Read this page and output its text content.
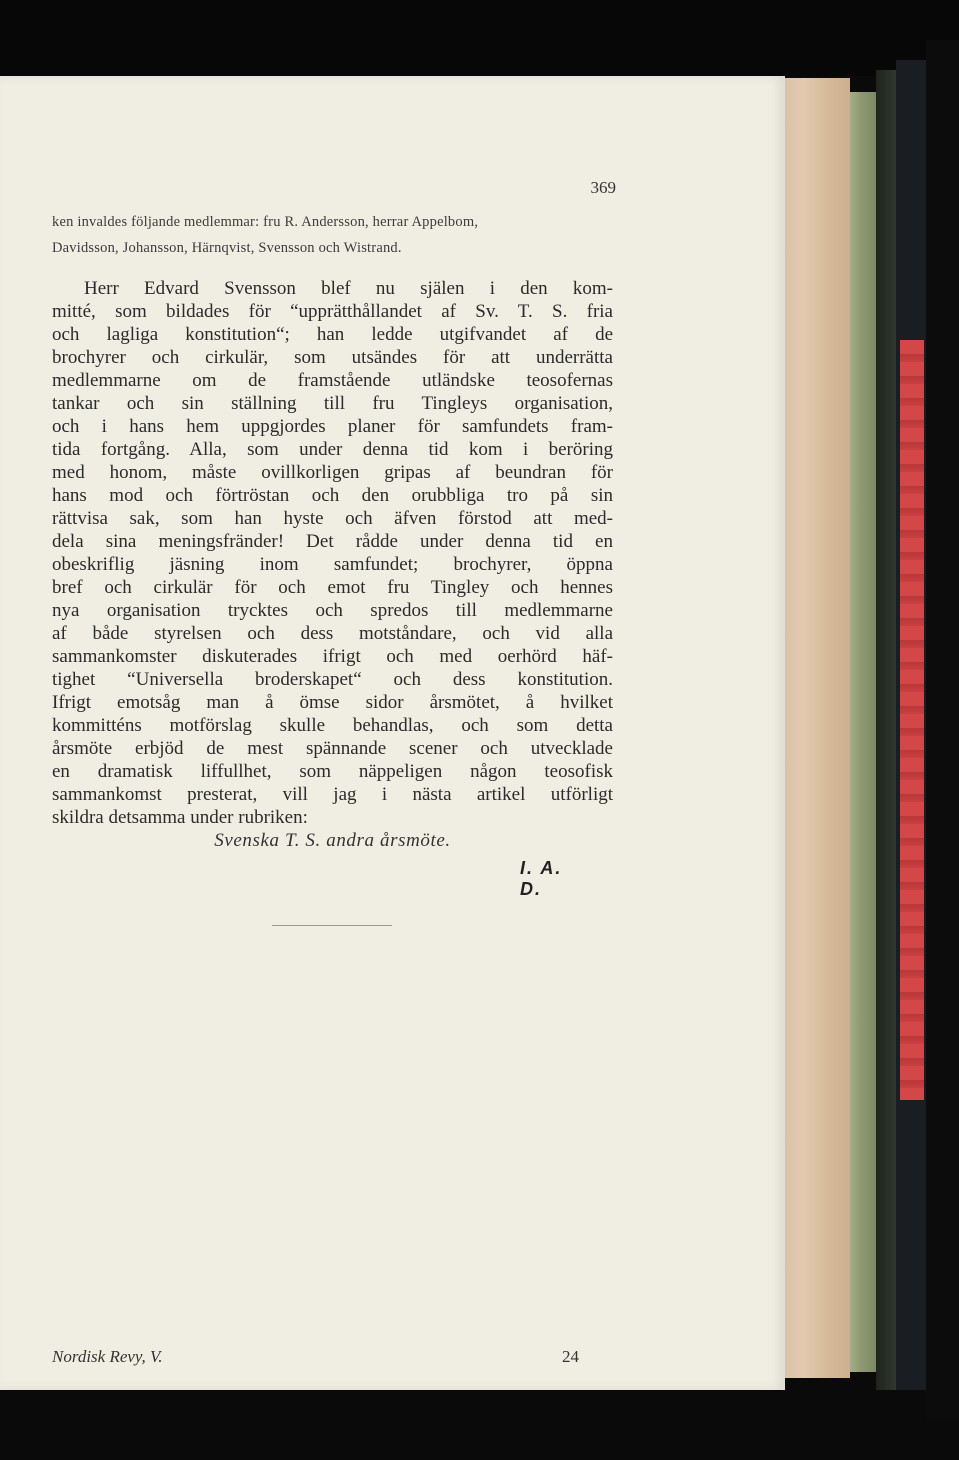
369
ken invaldes följande medlemmar: fru R. Andersson, herrar Appelbom,
Davidsson, Johansson, Härnqvist, Svensson och Wistrand.
Herr Edvard Svensson blef nu själen i den kom-
mitté, som bildades för “upprätthållandet af Sv. T. S. fria
och lagliga konstitution“; han ledde utgifvandet af de
brochyrer och cirkulär, som utsändes för att underrätta
medlemmarne om de framstående utländske teosofernas
tankar och sin ställning till fru Tingleys organisation,
och i hans hem uppgjordes planer för samfundets fram-
tida fortgång. Alla, som under denna tid kom i beröring
med honom, måste ovillkorligen gripas af beundran för
hans mod och förtröstan och den orubbliga tro på sin
rättvisa sak, som han hyste och äfven förstod att med-
dela sina meningsfränder! Det rådde under denna tid en
obeskriflig jäsning inom samfundet; brochyrer, öppna
bref och cirkulär för och emot fru Tingley och hennes
nya organisation trycktes och spredos till medlemmarne
af både styrelsen och dess motståndare, och vid alla
sammankomster diskuterades ifrigt och med oerhörd häf-
tighet “Universella broderskapet“ och dess konstitution.
Ifrigt emotsåg man å ömse sidor årsmötet, å hvilket
kommitténs motförslag skulle behandlas, och som detta
årsmöte erbjöd de mest spännande scener och utvecklade
en dramatisk liffullhet, som näppeligen någon teosofisk
sammankomst presterat, vill jag i nästa artikel utförligt
skildra detsamma under rubriken:
Svenska T. S. andra årsmöte.
I. A. D.
Nordisk Revy, V.	24
